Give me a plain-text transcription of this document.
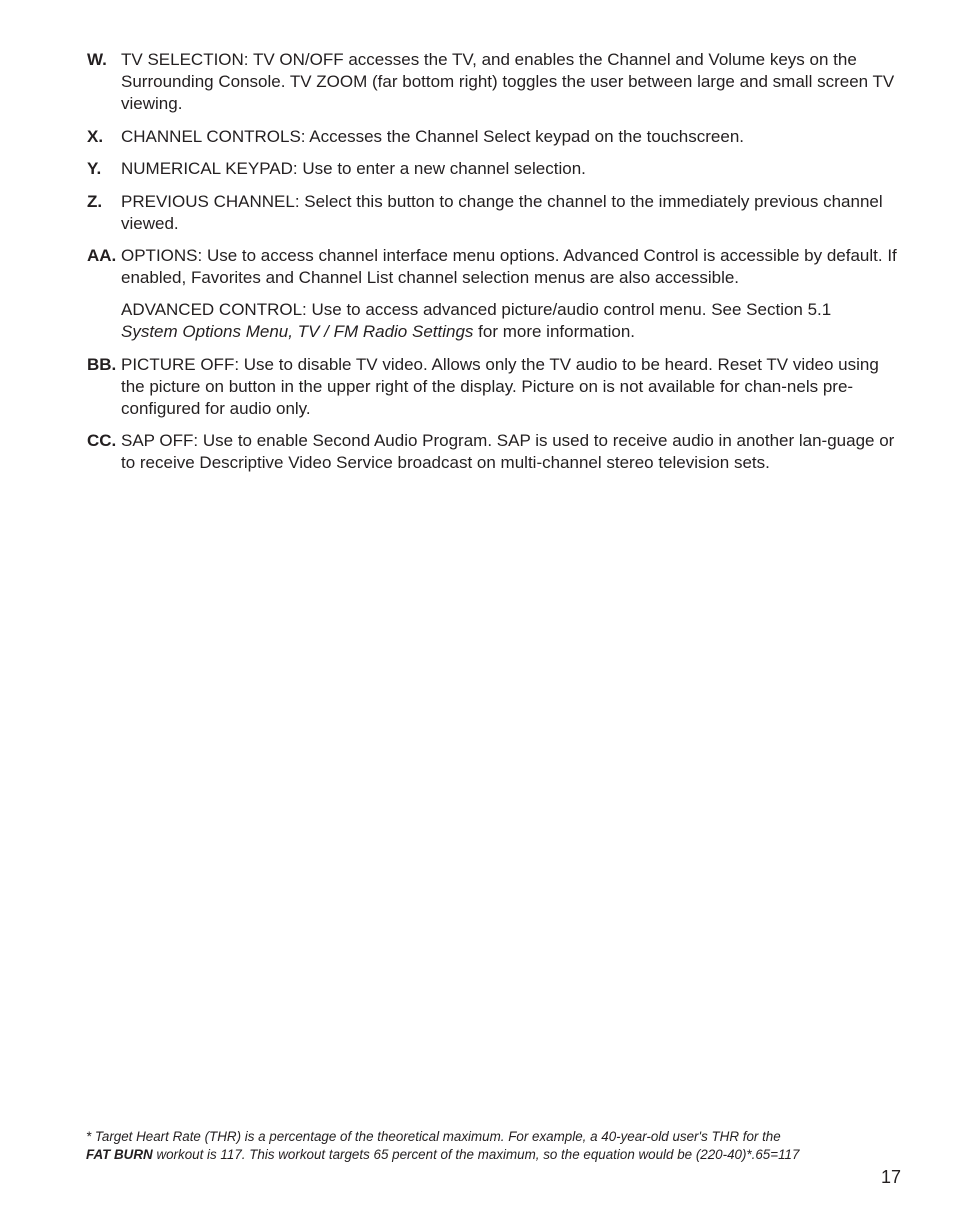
W. TV SELECTION: TV ON/OFF accesses the TV, and enables the Channel and Volume keys on the Surrounding Console. TV ZOOM (far bottom right) toggles the user between large and small screen TV viewing.

X. CHANNEL CONTROLS: Accesses the Channel Select keypad on the touchscreen.

Y. NUMERICAL KEYPAD: Use to enter a new channel selection.

Z. PREVIOUS CHANNEL: Select this button to change the channel to the immediately previous channel viewed.

AA. OPTIONS: Use to access channel interface menu options. Advanced Control is accessible by default. If enabled, Favorites and Channel List channel selection menus are also accessible.

ADVANCED CONTROL: Use to access advanced picture/audio control menu. See Section 5.1
System Options Menu, TV / FM Radio Settings for more information.

BB. PICTURE OFF: Use to disable TV video. Allows only the TV audio to be heard. Reset TV video using the picture on button in the upper right of the display. Picture on is not available for chan-nels pre-configured for audio only.

CC. SAP OFF: Use to enable Second Audio Program. SAP is used to receive audio in another lan-guage or to receive Descriptive Video Service broadcast on multi-channel stereo television sets.

* Target Heart Rate (THR) is a percentage of the theoretical maximum. For example, a 40-year-old user's THR for the
FAT BURN workout is 117. This workout targets 65 percent of the maximum, so the equation would be (220-40)*.65=117
17
